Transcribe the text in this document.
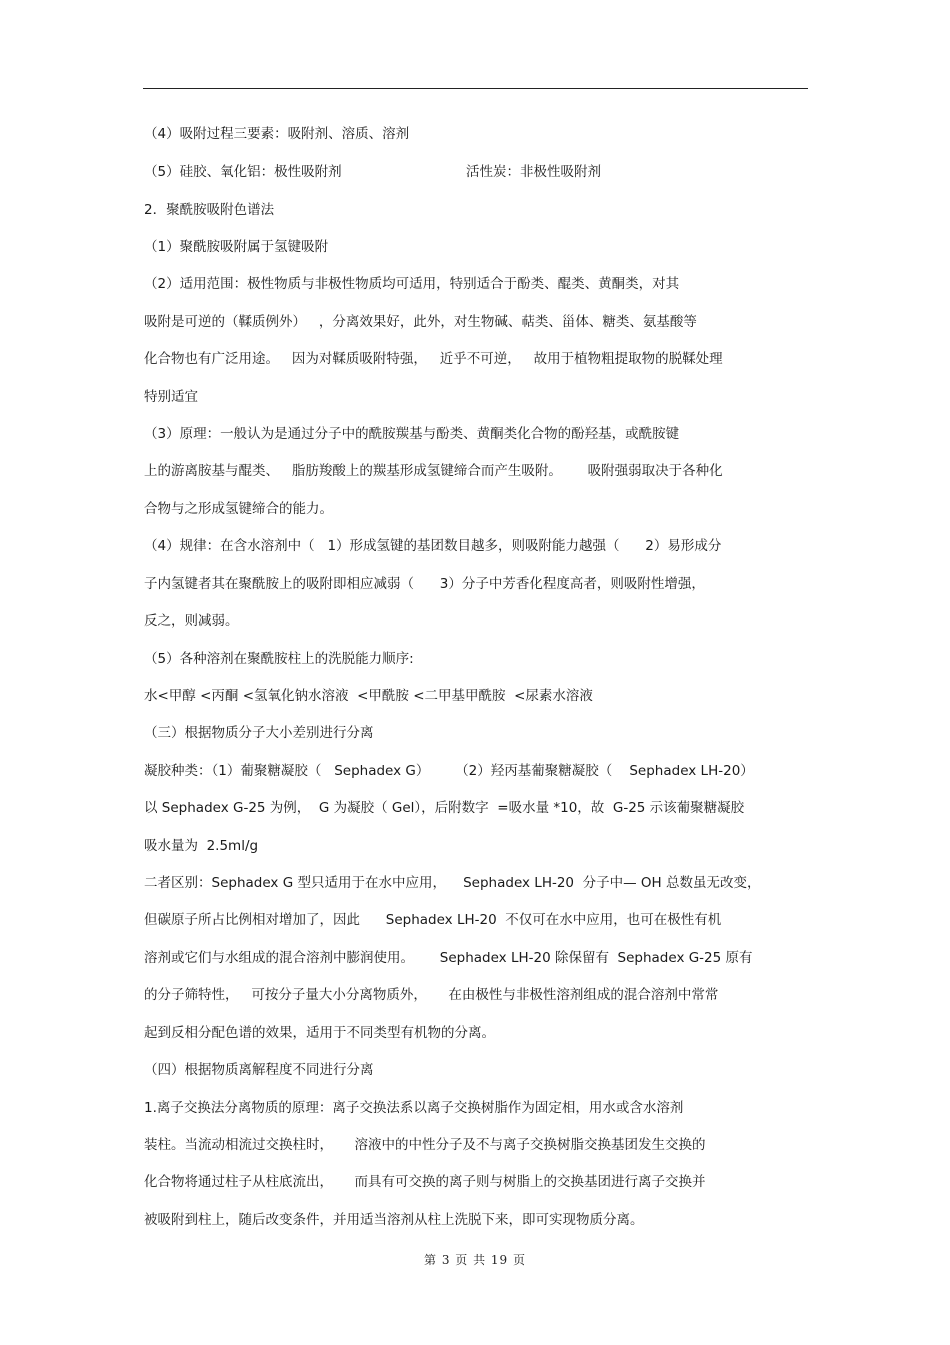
（4）吸附过程三要素：吸附剂、溶质、溶剂
（5）硅胶、氧化铝：极性吸附剂                             活性炭：非极性吸附剂
2．聚酰胺吸附色谱法
（1）聚酰胺吸附属于氢键吸附
（2）适用范围：极性物质与非极性物质均可适用，特别适合于酚类、醌类、黄酮类，对其
吸附是可逆的（鞣质例外）   ，分离效果好，此外，对生物碱、萜类、甾体、糖类、氨基酸等
化合物也有广泛用途。   因为对鞣质吸附特强，   近乎不可逆，   故用于植物粗提取物的脱鞣处理
特别适宜
（3）原理：一般认为是通过分子中的酰胺羰基与酚类、黄酮类化合物的酚羟基，或酰胺键
上的游离胺基与醌类、   脂肪羧酸上的羰基形成氢键缔合而产生吸附。      吸附强弱取决于各种化
合物与之形成氢键缔合的能力。
（4）规律：在含水溶剂中（   1）形成氢键的基团数目越多，则吸附能力越强（      2）易形成分
子内氢键者其在聚酰胺上的吸附即相应减弱（      3）分子中芳香化程度高者，则吸附性增强，
反之，则减弱。
（5）各种溶剂在聚酰胺柱上的洗脱能力顺序:
水<甲醇 <丙酮 <氢氧化钠水溶液  <甲酰胺 <二甲基甲酰胺  <尿素水溶液
（三）根据物质分子大小差别进行分离
凝胶种类：（1）葡聚糖凝胶（   Sephadex G）      （2）羟丙基葡聚糖凝胶（    Sephadex LH-20）
以 Sephadex G-25 为例，  G 为凝胶（ Gel），后附数字  =吸水量 *10，故  G-25 示该葡聚糖凝胶
吸水量为  2.5ml/g
二者区别：Sephadex G 型只适用于在水中应用，    Sephadex LH-20  分子中— OH 总数虽无改变，
但碳原子所占比例相对增加了，因此      Sephadex LH-20  不仅可在水中应用，也可在极性有机
溶剂或它们与水组成的混合溶剂中膨润使用。      Sephadex LH-20 除保留有  Sephadex G-25 原有
的分子筛特性，   可按分子量大小分离物质外，     在由极性与非极性溶剂组成的混合溶剂中常常
起到反相分配色谱的效果，适用于不同类型有机物的分离。
（四）根据物质离解程度不同进行分离
1.离子交换法分离物质的原理：离子交换法系以离子交换树脂作为固定相，用水或含水溶剂
装柱。当流动相流过交换柱时，     溶液中的中性分子及不与离子交换树脂交换基团发生交换的
化合物将通过柱子从柱底流出，     而具有可交换的离子则与树脂上的交换基团进行离子交换并
被吸附到柱上，随后改变条件，并用适当溶剂从柱上洗脱下来，即可实现物质分离。
第 3 页 共 19 页
